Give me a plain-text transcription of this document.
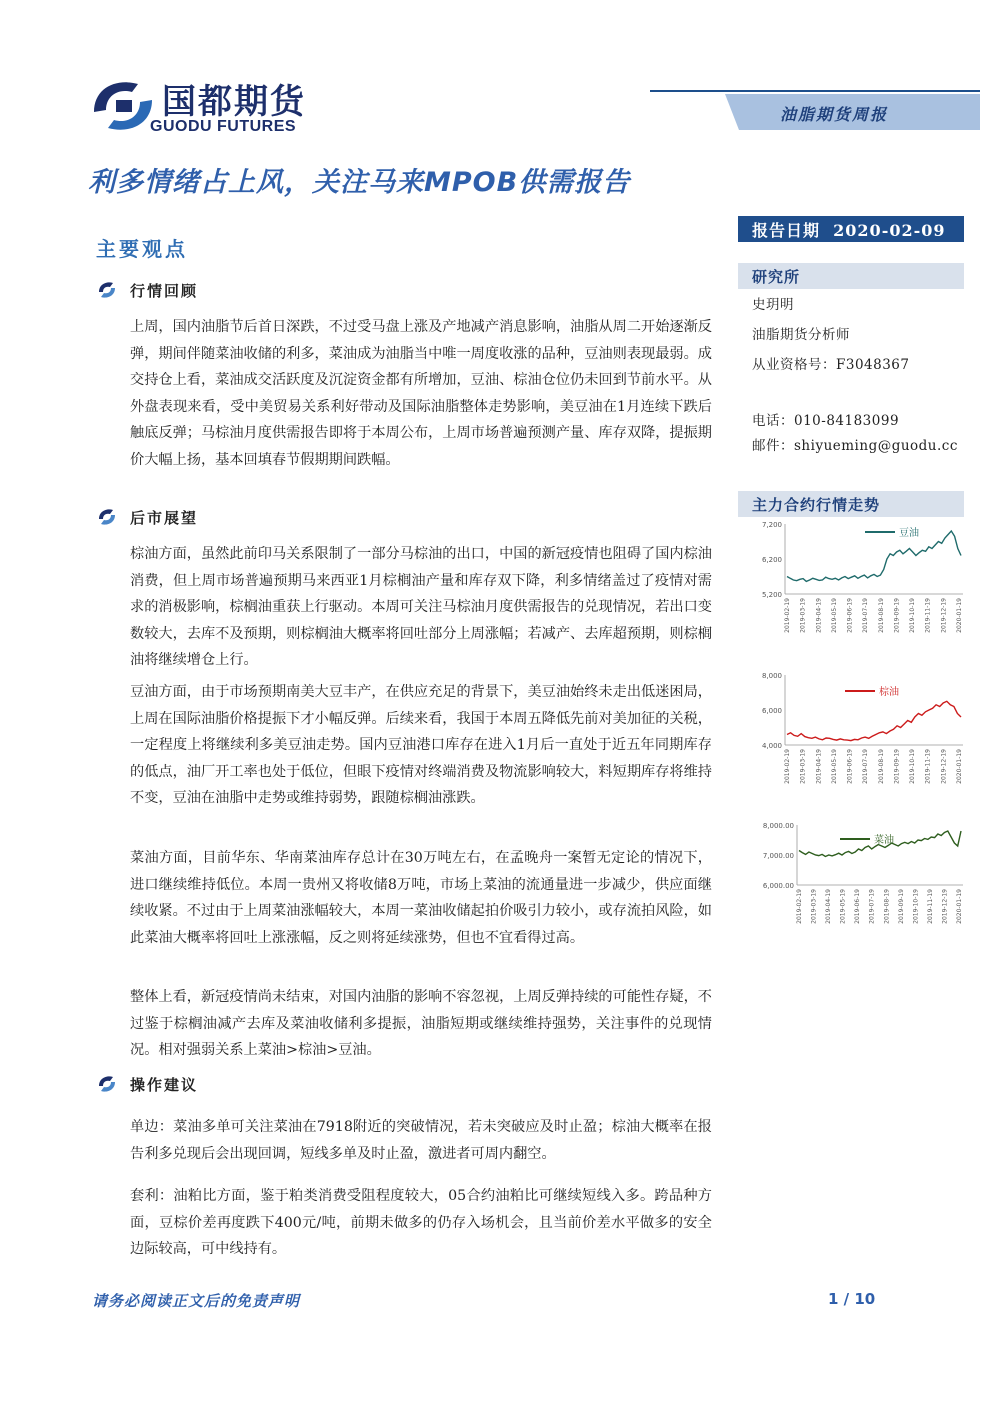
国都期货
GUODU FUTURES
油脂期货周报
利多情绪占上风，关注马来MPOB供需报告
主要观点
行情回顾
上周，国内油脂节后首日深跌，不过受马盘上涨及产地减产消息影响，油脂从周二开始逐渐反弹，期间伴随菜油收储的利多，菜油成为油脂当中唯一周度收涨的品种，豆油则表现最弱。成交持仓上看，菜油成交活跃度及沉淀资金都有所增加，豆油、棕油仓位仍未回到节前水平。从外盘表现来看，受中美贸易关系利好带动及国际油脂整体走势影响，美豆油在1月连续下跌后触底反弹；马棕油月度供需报告即将于本周公布，上周市场普遍预测产量、库存双降，提振期价大幅上扬，基本回填春节假期期间跌幅。
后市展望
棕油方面，虽然此前印马关系限制了一部分马棕油的出口，中国的新冠疫情也阻碍了国内棕油消费，但上周市场普遍预期马来西亚1月棕榈油产量和库存双下降，利多情绪盖过了疫情对需求的消极影响，棕榈油重获上行驱动。本周可关注马棕油月度供需报告的兑现情况，若出口变数较大，去库不及预期，则棕榈油大概率将回吐部分上周涨幅；若减产、去库超预期，则棕榈油将继续增仓上行。
豆油方面，由于市场预期南美大豆丰产，在供应充足的背景下，美豆油始终未走出低迷困局，上周在国际油脂价格提振下才小幅反弹。后续来看，我国于本周五降低先前对美加征的关税，一定程度上将继续利多美豆油走势。国内豆油港口库存在进入1月后一直处于近五年同期库存的低点，油厂开工率也处于低位，但眼下疫情对终端消费及物流影响较大，料短期库存将维持不变，豆油在油脂中走势或维持弱势，跟随棕榈油涨跌。
菜油方面，目前华东、华南菜油库存总计在30万吨左右，在孟晚舟一案暂无定论的情况下，进口继续维持低位。本周一贵州又将收储8万吨，市场上菜油的流通量进一步减少，供应面继续收紧。不过由于上周菜油涨幅较大，本周一菜油收储起拍价吸引力较小，或存流拍风险，如此菜油大概率将回吐上涨涨幅，反之则将延续涨势，但也不宜看得过高。
整体上看，新冠疫情尚未结束，对国内油脂的影响不容忽视，上周反弹持续的可能性存疑，不过鉴于棕榈油减产去库及菜油收储利多提振，油脂短期或继续维持强势，关注事件的兑现情况。相对强弱关系上菜油>棕油>豆油。
操作建议
单边：菜油多单可关注菜油在7918附近的突破情况，若未突破应及时止盈；棕油大概率在报告利多兑现后会出现回调，短线多单及时止盈，激进者可周内翻空。
套利：油粕比方面，鉴于粕类消费受阻程度较大，05合约油粕比可继续短线入多。跨品种方面，豆棕价差再度跌下400元/吨，前期未做多的仍存入场机会，且当前价差水平做多的安全边际较高，可中线持有。
报告日期 2020-02-09
研究所
史玥明
油脂期货分析师
从业资格号：F3048367
电话：010-84183099
邮件：shiyueming@guodu.cc
主力合约行情走势
7,200
6,200
5,200
2019-02-19 2019-03-19 2019-04-19 2019-05-19 2019-06-19 2019-07-19 2019-08-19 2019-09-19 2019-10-19 2019-11-19 2019-12-19 2020-01-19
豆油
8,000
6,000
4,000
2019-02-19 2019-03-19 2019-04-19 2019-05-19 2019-06-19 2019-07-19 2019-08-19 2019-09-19 2019-10-19 2019-11-19 2019-12-19 2020-01-19
棕油
8,000.00
7,000.00
6,000.00
2019-02-19 2019-03-19 2019-04-19 2019-05-19 2019-06-19 2019-07-19 2019-08-19 2019-09-19 2019-10-19 2019-11-19 2019-12-19 2020-01-19
菜油
请务必阅读正文后的免责声明	1 / 10
